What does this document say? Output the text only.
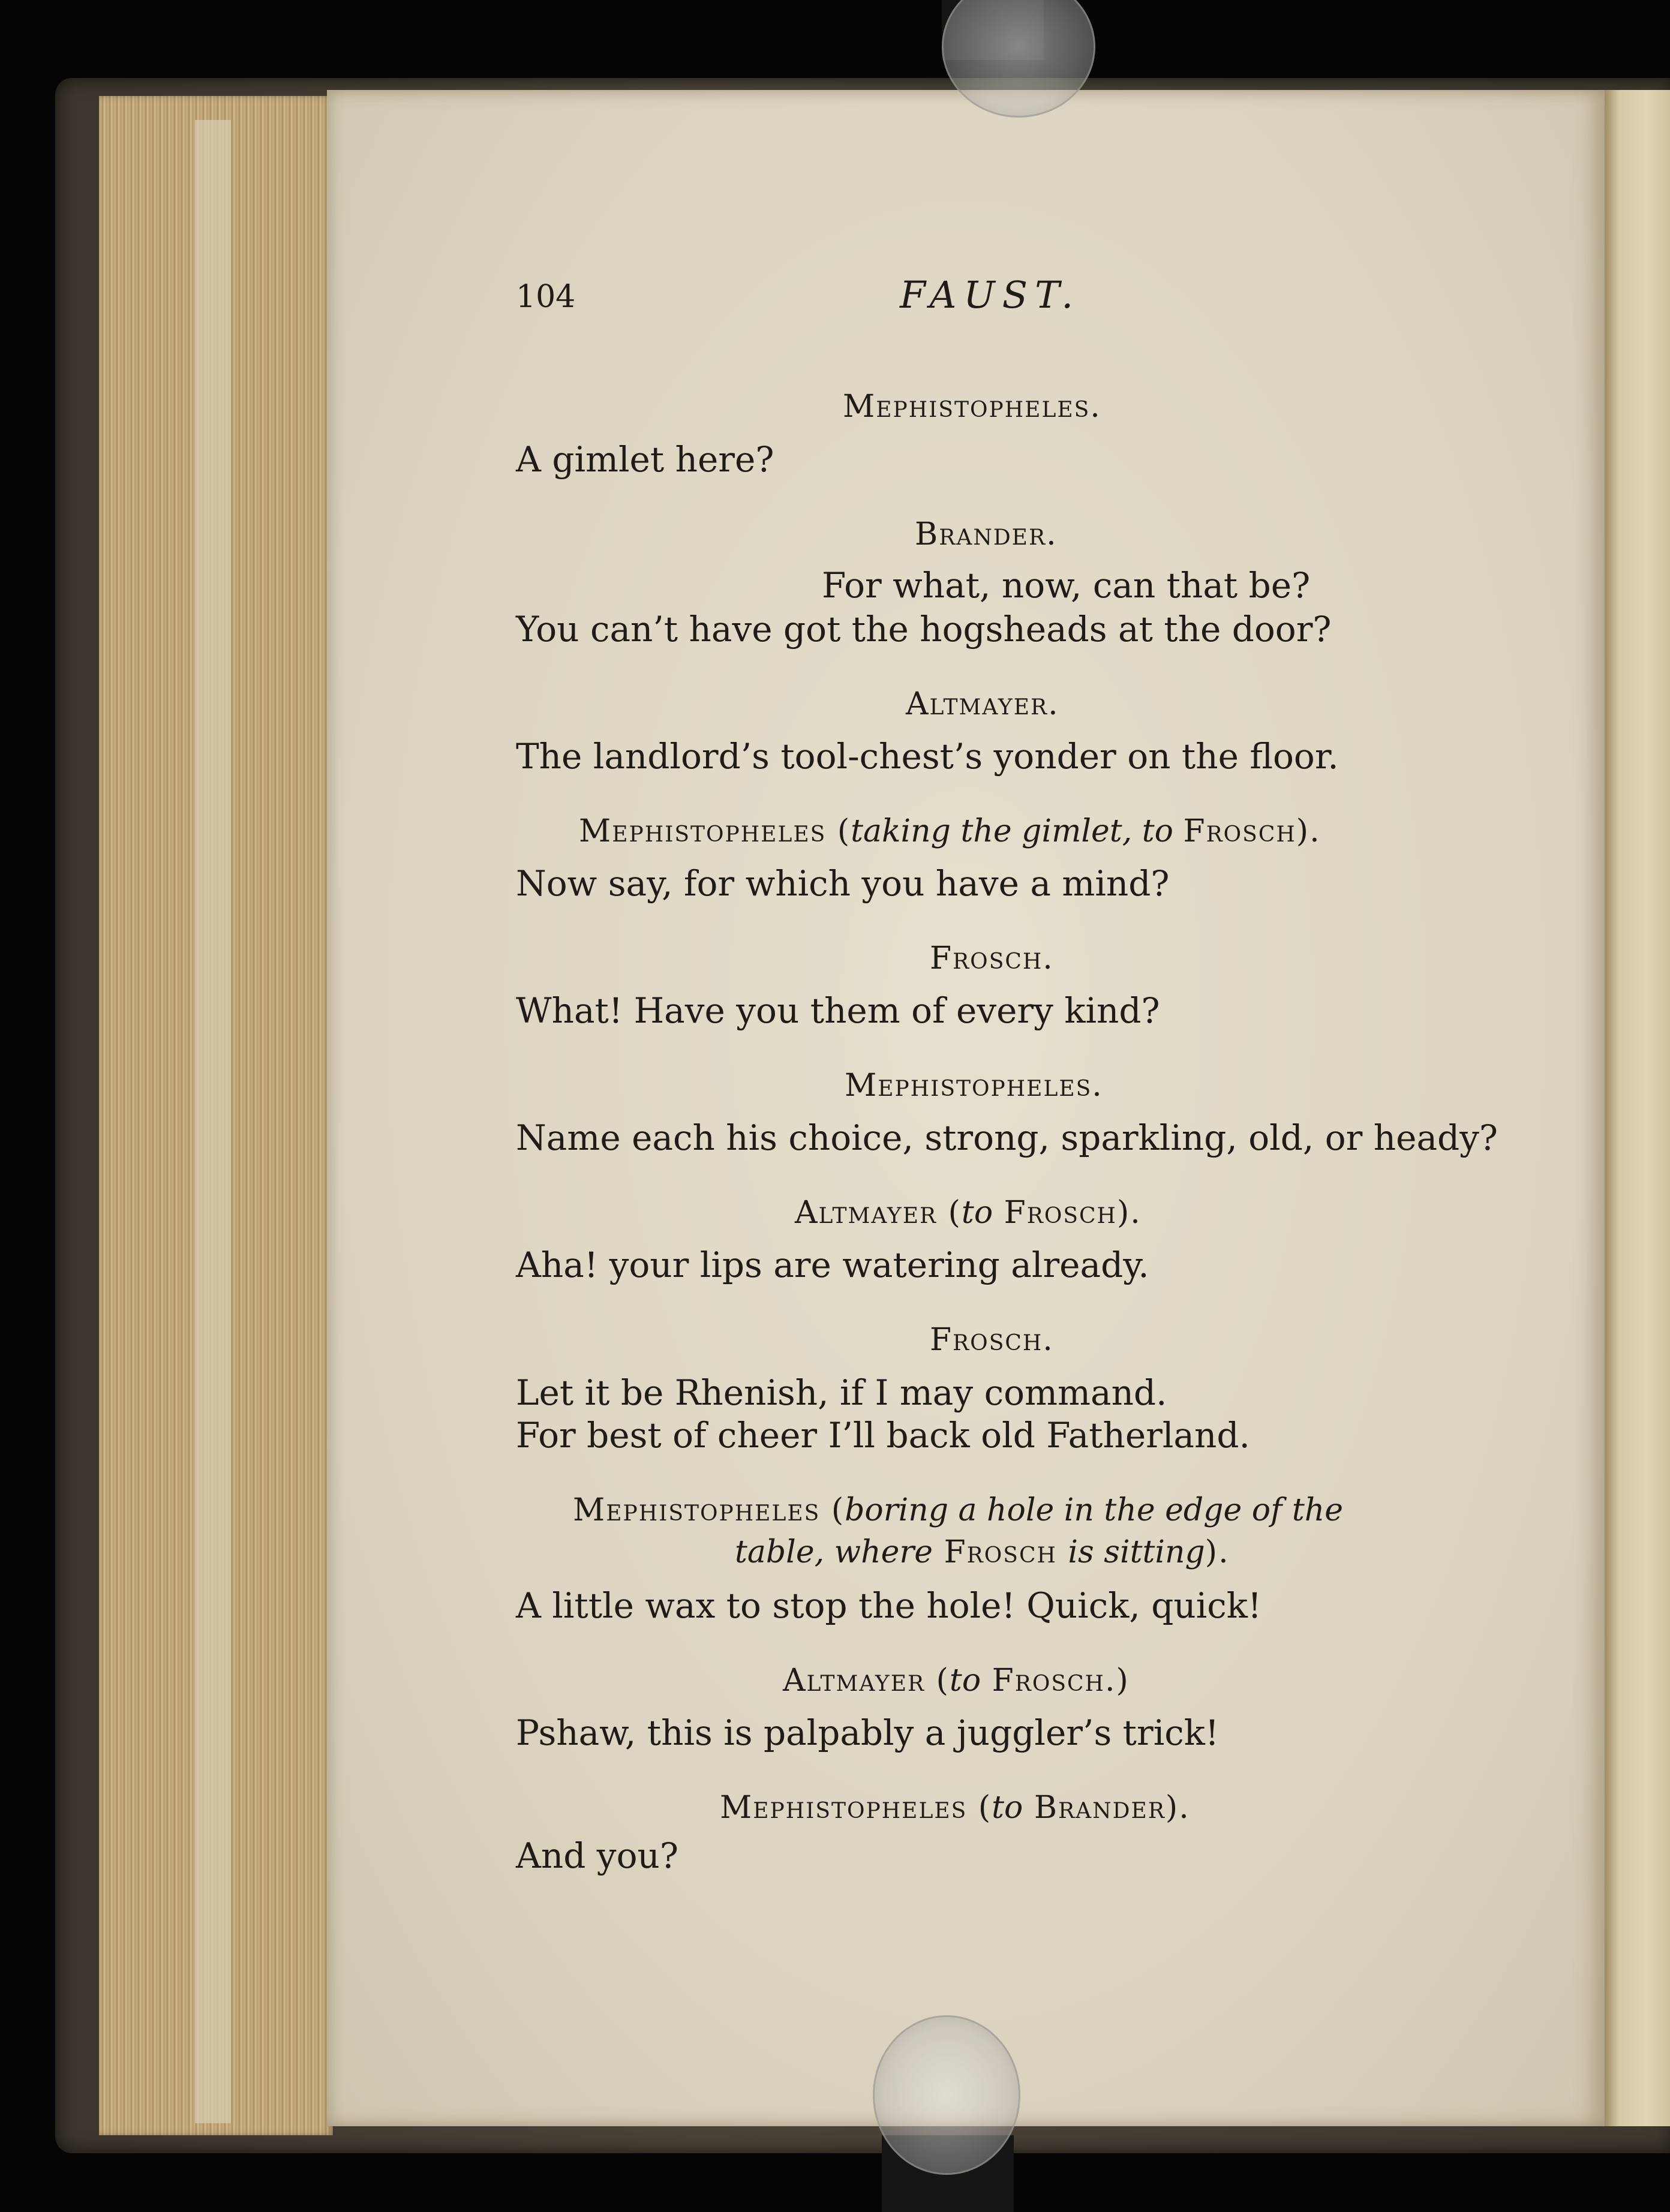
104	FAUST.
Mephistopheles.
A gimlet here?
Brander.
For what, now, can that be?
You can’t have got the hogsheads at the door?
Altmayer.
The landlord’s tool-chest’s yonder on the floor.
Mephistopheles (taking the gimlet, to Frosch).
Now say, for which you have a mind?
Frosch.
What! Have you them of every kind?
Mephistopheles.
Name each his choice, strong, sparkling, old, or heady?
Altmayer (to Frosch).
Aha! your lips are watering already.
Frosch.
Let it be Rhenish, if I may command.
For best of cheer I’ll back old Fatherland.
Mephistopheles (boring a hole in the edge of the
table, where Frosch is sitting).
A little wax to stop the hole! Quick, quick!
Altmayer (to Frosch.)
Pshaw, this is palpably a juggler’s trick!
Mephistopheles (to Brander).
And you?
